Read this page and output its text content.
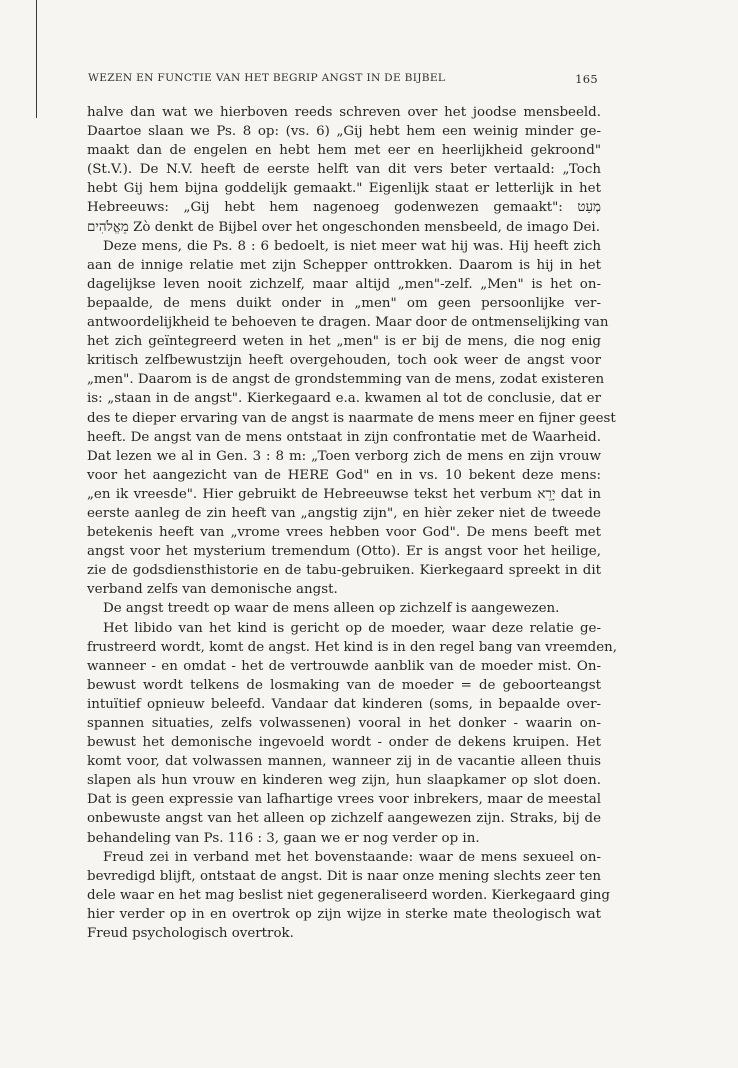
WEZEN EN FUNCTIE VAN HET BEGRIP ANGST IN DE BIJBEL	165

halve dan wat we hierboven reeds schreven over het joodse mensbeeld.
Daartoe slaan we Ps. 8 op: (vs. 6) „Gij hebt hem een weinig minder ge-
maakt dan de engelen en hebt hem met eer en heerlijkheid gekroond"
(St.V.). De N.V. heeft de eerste helft van dit vers beter vertaald: „Toch
hebt Gij hem bijna goddelijk gemaakt." Eigenlijk staat er letterlijk in het
Hebreeuws: „Gij hebt hem nagenoeg godenwezen gemaakt": מְעַט
מֵאֱלֹהִים Zò denkt de Bijbel over het ongeschonden mensbeeld, de imago Dei.

Deze mens, die Ps. 8 : 6 bedoelt, is niet meer wat hij was. Hij heeft zich
aan de innige relatie met zijn Schepper onttrokken. Daarom is hij in het
dagelijkse leven nooit zichzelf, maar altijd „men"-zelf. „Men" is het on-
bepaalde, de mens duikt onder in „men" om geen persoonlijke ver-
antwoordelijkheid te behoeven te dragen. Maar door de ontmenselijking van
het zich geïntegreerd weten in het „men" is er bij de mens, die nog enig
kritisch zelfbewustzijn heeft overgehouden, toch ook weer de angst voor
„men". Daarom is de angst de grondstemming van de mens, zodat existeren
is: „staan in de angst". Kierkegaard e.a. kwamen al tot de conclusie, dat er
des te dieper ervaring van de angst is naarmate de mens meer en fijner geest
heeft. De angst van de mens ontstaat in zijn confrontatie met de Waarheid.
Dat lezen we al in Gen. 3 : 8 m: „Toen verborg zich de mens en zijn vrouw
voor het aangezicht van de HERE God" en in vs. 10 bekent deze mens:
„en ik vreesde". Hier gebruikt de Hebreeuwse tekst het verbum יָרֵא dat in
eerste aanleg de zin heeft van „angstig zijn", en hièr zeker niet de tweede
betekenis heeft van „vrome vrees hebben voor God". De mens beeft met
angst voor het mysterium tremendum (Otto). Er is angst voor het heilige,
zie de godsdiensthistorie en de tabu-gebruiken. Kierkegaard spreekt in dit
verband zelfs van demonische angst.

De angst treedt op waar de mens alleen op zichzelf is aangewezen.

Het libido van het kind is gericht op de moeder, waar deze relatie ge-
frustreerd wordt, komt de angst. Het kind is in den regel bang van vreemden,
wanneer - en omdat - het de vertrouwde aanblik van de moeder mist. On-
bewust wordt telkens de losmaking van de moeder = de geboorteangst
intuïtief opnieuw beleefd. Vandaar dat kinderen (soms, in bepaalde over-
spannen situaties, zelfs volwassenen) vooral in het donker - waarin on-
bewust het demonische ingevoeld wordt - onder de dekens kruipen. Het
komt voor, dat volwassen mannen, wanneer zij in de vacantie alleen thuis
slapen als hun vrouw en kinderen weg zijn, hun slaapkamer op slot doen.
Dat is geen expressie van lafhartige vrees voor inbrekers, maar de meestal
onbewuste angst van het alleen op zichzelf aangewezen zijn. Straks, bij de
behandeling van Ps. 116 : 3, gaan we er nog verder op in.

Freud zei in verband met het bovenstaande: waar de mens sexueel on-
bevredigd blijft, ontstaat de angst. Dit is naar onze mening slechts zeer ten
dele waar en het mag beslist niet gegeneraliseerd worden. Kierkegaard ging
hier verder op in en overtrok op zijn wijze in sterke mate theologisch wat
Freud psychologisch overtrok.
